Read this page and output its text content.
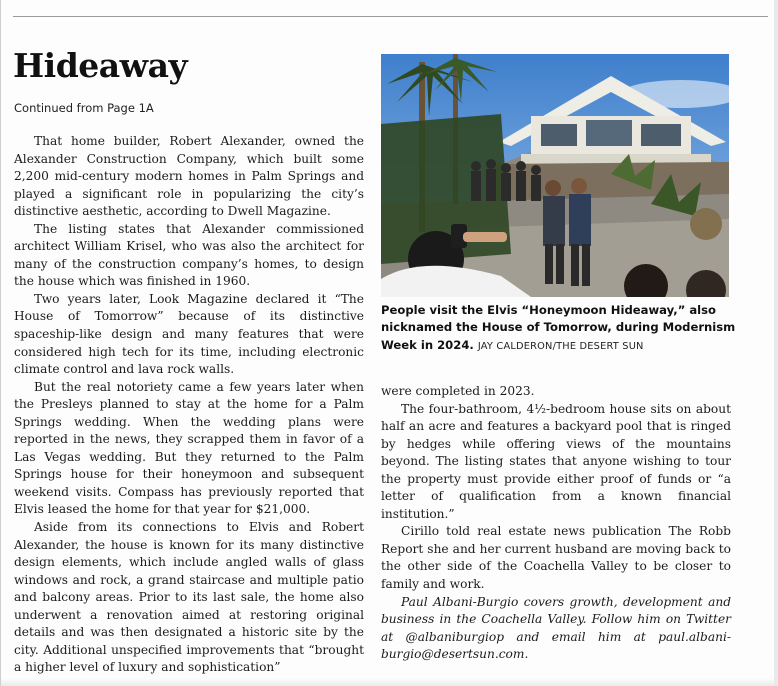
Hideaway
Continued from Page 1A

That home builder, Robert Alexander, owned the Alexander Construction Company, which built some 2,200 mid-century modern homes in Palm Springs and played a significant role in popularizing the city’s distinctive aesthetic, according to Dwell Magazine.

The listing states that Alexander commissioned architect William Krisel, who was also the architect for many of the construction company’s homes, to design the house which was finished in 1960.

Two years later, Look Magazine declared it “The House of Tomorrow” because of its distinctive spaceship-like design and many features that were considered high tech for its time, including electronic climate control and lava rock walls.

But the real notoriety came a few years later when the Presleys planned to stay at the home for a Palm Springs wedding. When the wedding plans were reported in the news, they scrapped them in favor of a Las Vegas wedding. But they returned to the Palm Springs house for their honeymoon and subsequent weekend visits. Compass has previously reported that Elvis leased the home for that year for $21,000.

Aside from its connections to Elvis and Robert Alexander, the house is known for its many distinctive design elements, which include angled walls of glass windows and rock, a grand staircase and multiple patio and balcony areas. Prior to its last sale, the home also underwent a renovation aimed at restoring original details and was then designated a historic site by the city. Additional unspecified improvements that “brought a higher level of luxury and sophistication”

People visit the Elvis “Honeymoon Hideaway,” also nicknamed the House of Tomorrow, during Modernism Week in 2024. JAY CALDERON/THE DESERT SUN

were completed in 2023.

The four-bathroom, 4½-bedroom house sits on about half an acre and features a backyard pool that is ringed by hedges while offering views of the mountains beyond. The listing states that anyone wishing to tour the property must provide either proof of funds or “a letter of qualification from a known financial institution.”

Cirillo told real estate news publication The Robb Report she and her current husband are moving back to the other side of the Coachella Valley to be closer to family and work.

Paul Albani-Burgio covers growth, development and business in the Coachella Valley. Follow him on Twitter at @albaniburgiop and email him at paul.albani-burgio@desertsun.com.
